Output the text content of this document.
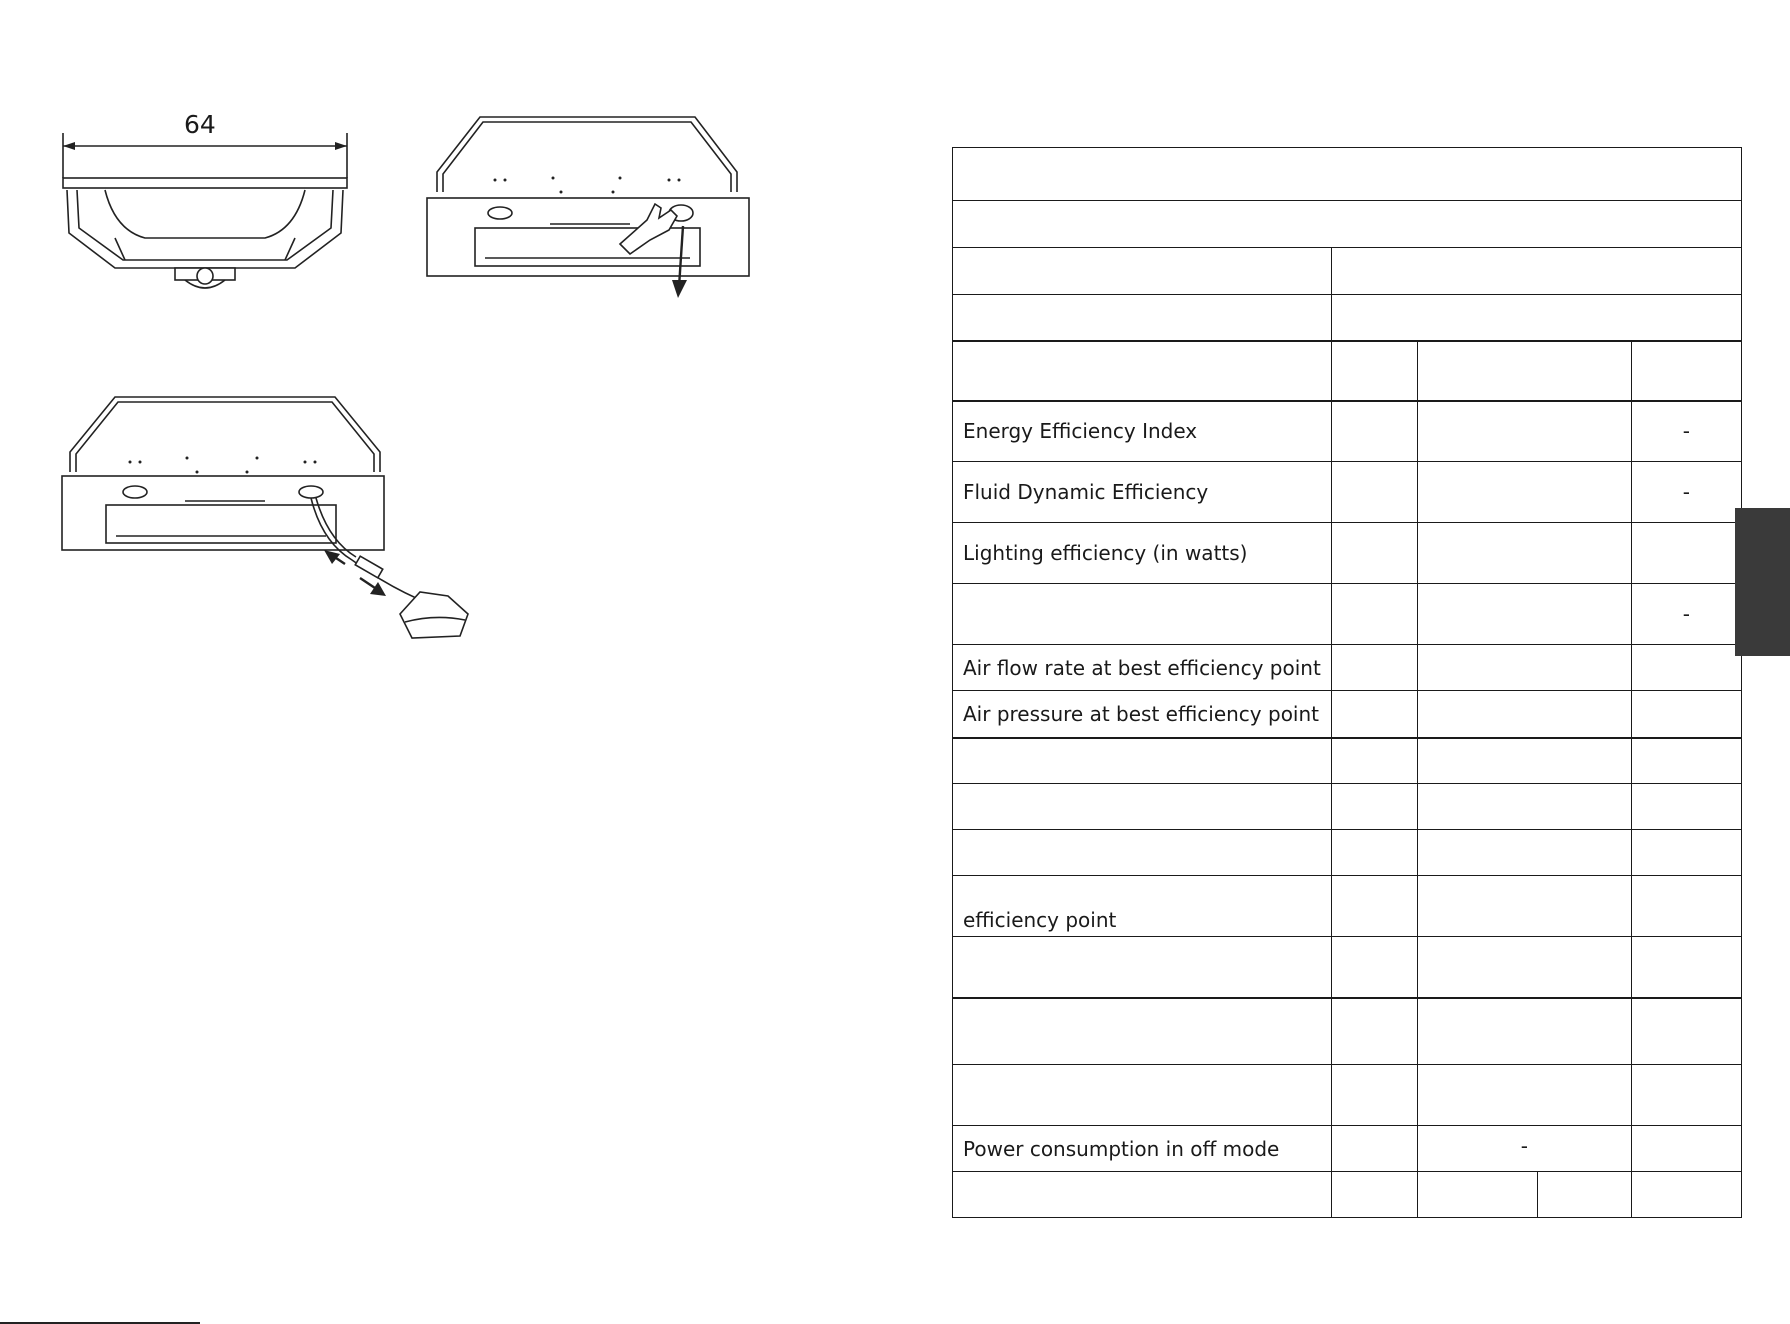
64

Energy Efficiency Index				-
Fluid Dynamic Efficiency				-
Lighting efficiency (in watts)				
				-
Air flow rate at best efficiency point				
Air pressure at best efficiency point				

efficiency point				

Power consumption in off mode		-		
